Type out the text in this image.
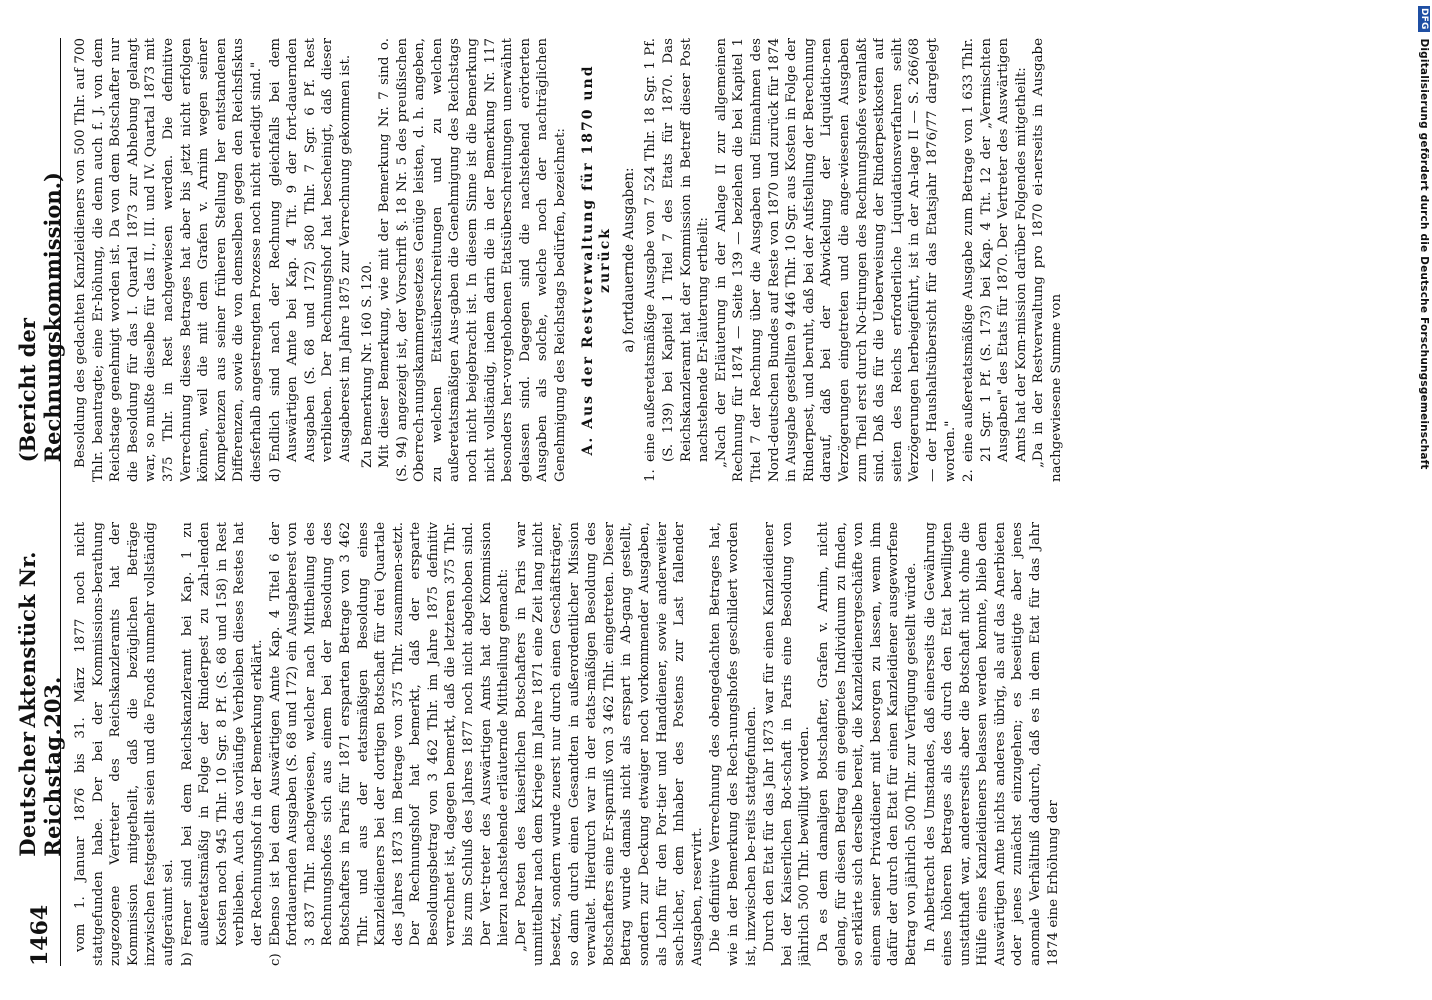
1464
Deutscher Reichstag.
Aktenstück Nr. 203.
(Bericht der Rechnungskommission.)

vom 1. Januar 1876 bis 31. März 1877 noch nicht stattgefunden habe. Der bei der Kommissions-berathung zugezogene Vertreter des Reichskanzleramts hat der Kommission mitgetheilt, daß die bezüglichen Beträge inzwischen festgestellt seien und die Fonds nunmehr vollständig aufgeräumt sei. b)
Ferner sind bei dem Reichskanzleramt bei Kap. 1 zu außeretatsmäßig in Folge der Rinderpest zu zah-lenden Kosten noch 945 Thlr. 10 Sgr. 8 Pf. (S. 68 und 158) in Rest verblieben. Auch das vorläufige Verbleiben dieses Restes hat der Rechnungshof in der Bemerkung erklärt.
c)
Ebenso ist bei dem Auswärtigen Amte Kap. 4 Titel 6 der fortdauernden Ausgaben (S. 68 und 172) ein Ausgaberest von 3 837 Thlr. nachgewiesen, welcher nach Mittheilung des Rechnungshofes sich aus einem bei der Besoldung des Botschafters in Paris für 1871 ersparten Betrage von 3 462 Thlr. und aus der etatsmäßigen Besoldung eines Kanzleidieners bei der dortigen Botschaft für drei Quartale des Jahres 1873 im Betrage von 375 Thlr. zusammen-setzt. Der Rechnungshof hat bemerkt, daß der ersparte Besoldungsbetrag von 3 462 Thlr. im Jahre 1875 definitiv verrechnet ist, dagegen bemerkt, daß die letzteren 375 Thlr. bis zum Schluß des Jahres 1877 noch nicht abgehoben sind. Der Ver-treter des Auswärtigen Amts hat der Kommission hierzu nachstehende erläuternde Mittheilung gemacht: „Der Posten des kaiserlichen Botschafters in Paris war unmittelbar nach dem Kriege im Jahre 1871 eine Zeit lang nicht besetzt, sondern wurde zuerst nur durch einen Geschäftsträger, so dann durch einen Gesandten in außerordentlicher Mission verwaltet. Hierdurch war in der etats-mäßigen Besoldung des Botschafters eine Er-sparniß von 3 462 Thlr. eingetreten. Dieser Betrag wurde damals nicht als erspart in Ab-gang gestellt, sondern zur Deckung etwaiger noch vorkommender Ausgaben, als Lohn für den Por-tier und Handdiener, sowie anderweiter sach-licher, dem Inhaber des Postens zur Last fallender Ausgaben, reservirt. Die definitive Verrechnung des obengedachten Betrages hat, wie in der Bemerkung des Rech-nungshofes geschildert worden ist, inzwischen be-reits stattgefunden. Durch den Etat für das Jahr 1873 war für einen Kanzleidiener bei der Kaiserlichen Bot-schaft in Paris eine Besoldung von jährlich 500 Thlr. bewilligt worden. Da es dem damaligen Botschafter, Grafen v. Arnim, nicht gelang, für diesen Betrag ein geeignetes Individuum zu finden, so erklärte sich derselbe bereit, die Kanzleidienergeschäfte von einem seiner Privatdiener mit besorgen zu lassen, wenn ihm dafür der durch den Etat für einen Kanzleidiener ausgeworfene Betrag von jährlich 500 Thlr. zur Verfügung gestellt würde. In Anbetracht des Umstandes, daß einerseits die Gewährung eines höheren Betrages als des durch den Etat bewilligten unstatthaft war, andererseits aber die Botschaft nicht ohne die Hülfe eines Kanzleidieners belassen werden konnte, blieb dem Auswärtigen Amte nichts anderes übrig, als auf das Anerbieten oder jenes zunächst einzugehen; es beseitigte aber jenes anomale Verhältniß dadurch, daß es in dem Etat für das Jahr 1874 eine Erhöhung der

Besoldung des gedachten Kanzleidieners von 500 Thlr. auf 700 Thlr. beantragte; eine Er-höhung, die denn auch f. J. von dem Reichstage genehmigt worden ist. Da von dem Botschafter nur die Besoldung für das I. Quartal 1873 zur Abhebung gelangt war, so mußte dieselbe für das II., III. und IV. Quartal 1873 mit 375 Thlr. in Rest nachgewiesen werden. Die definitive Verrechnung dieses Betrages hat aber bis jetzt nicht erfolgen können, weil die mit dem Grafen v. Arnim wegen seiner Kompetenzen aus seiner früheren Stellung her entstandenen Differenzen, sowie die von demselben gegen den Reichsfiskus diesferhalb angestrengten Prozesse noch nicht erledigt sind." d)
Endlich sind nach der Rechnung gleichfalls bei dem Auswärtigen Amte bei Kap. 4 Tit. 9 der fort-dauernden Ausgaben (S. 68 und 172) 580 Thlr. 7 Sgr. 6 Pf. Rest verblieben. Der Rechnungshof hat bescheinigt, daß dieser Ausgaberest im Jahre 1875 zur Verrechnung gekommen ist. Zu Bemerkung Nr. 160 S. 120. Mit dieser Bemerkung, wie mit der Bemerkung Nr. 7 sind o. (S. 94) angezeigt ist, der Vorschrift §. 18 Nr. 5 des preußischen Oberrech-nungskammergesetzes Genüge leisten, d. h. angeben, zu welchen Etatsüberschreitungen und zu welchen außeretatsmäßigen Aus-gaben die Genehmigung des Reichstags noch nicht beigebracht ist. In diesem Sinne ist die Bemerkung nicht vollständig, indem darin die in der Bemerkung Nr. 117 besonders her-vorgehobenen Etatsüberschreitungen unerwähnt gelassen sind. Dagegen sind die nachstehend erörterten Ausgaben als solche, welche noch der nachträglichen Genehmigung des Reichstags bedürfen, bezeichnet: A. Aus der Restverwaltung für 1870 und zurück a) fortdauernde Ausgaben:
1.
eine außeretatsmäßige Ausgabe von 7 524 Thlr. 18 Sgr. 1 Pf. (S. 139) bei Kapitel 1 Titel 7 des Etats für 1870. Das Reichskanzleramt hat der Kommission in Betreff dieser Post nachstehende Er-läuterung ertheilt: „Nach der Erläuterung in der Anlage II zur allgemeinen Rechnung für 1874 — Seite 139 — beziehen die bei Kapitel 1 Titel 7 der Rechnung über die Ausgaben und Einnahmen des Nord-deutschen Bundes auf Reste von 1870 und zurück für 1874 in Ausgabe gestellten 9 446 Thlr. 10 Sgr. aus Kosten in Folge der Rinderpest, und beruht, daß bei der Aufstellung der Berechnung darauf, daß bei der Abwickelung der Liquidatio-nen Verzögerungen eingetreten und die ange-wiesenen Ausgaben zum Theil erst durch No-tirungen des Rechnungshofes veranlaßt sind. Daß das für die Ueberweisung der Rinderpestkosten auf seiten des Reichs erforderliche Liquidationsverfahren seiht Verzögerungen herbeigeführt, ist in der An-lage II — S. 266/68 — der Haushaltsübersicht für das Etatsjahr 1876/77 dargelegt worden." 2.
eine außeretatsmäßige Ausgabe zum Betrage von 1 633 Thlr. 21 Sgr. 1 Pf. (S. 173) bei Kap. 4 Tit. 12 der „Vermischten Ausgaben" des Etats für 1870. Der Vertreter des Auswärtigen Amts hat der Kom-mission darüber Folgendes mitgetheilt: „Da in der Restverwaltung pro 1870 ei-nerseits in Ausgabe nachgewiesene Summe von

DFG Digitalisierung gefördert durch die Deutsche Forschungsgemeinschaft
